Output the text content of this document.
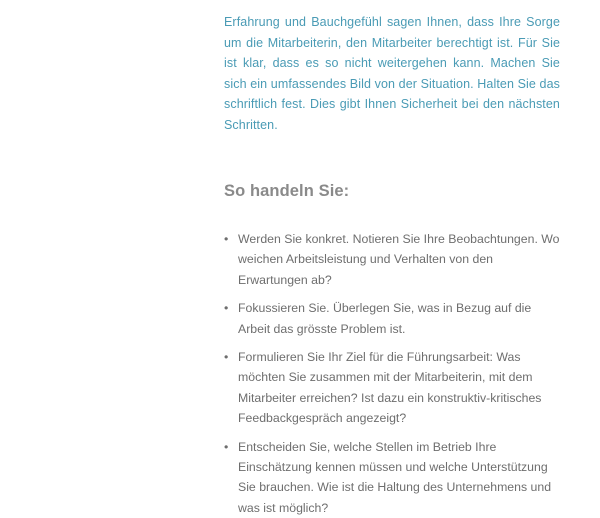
Erfahrung und Bauchgefühl sagen Ihnen, dass Ihre Sorge um die Mitarbeiterin, den Mitarbeiter berechtigt ist. Für Sie ist klar, dass es so nicht weitergehen kann. Machen Sie sich ein umfassendes Bild von der Situation. Halten Sie das schriftlich fest. Dies gibt Ihnen Sicherheit bei den nächsten Schritten.

So handeln Sie:
• Werden Sie konkret. Notieren Sie Ihre Beobachtungen. Wo weichen Arbeitsleistung und Verhalten von den Erwartungen ab?
• Fokussieren Sie. Überlegen Sie, was in Bezug auf die Arbeit das grösste Problem ist.
• Formulieren Sie Ihr Ziel für die Führungsarbeit: Was möchten Sie zusammen mit der Mitarbeiterin, mit dem Mitarbeiter erreichen? Ist dazu ein konstruktiv-kritisches Feedbackgespräch angezeigt?
• Entscheiden Sie, welche Stellen im Betrieb Ihre Einschätzung kennen müssen und welche Unterstützung Sie brauchen. Wie ist die Haltung des Unternehmens und was ist möglich?
